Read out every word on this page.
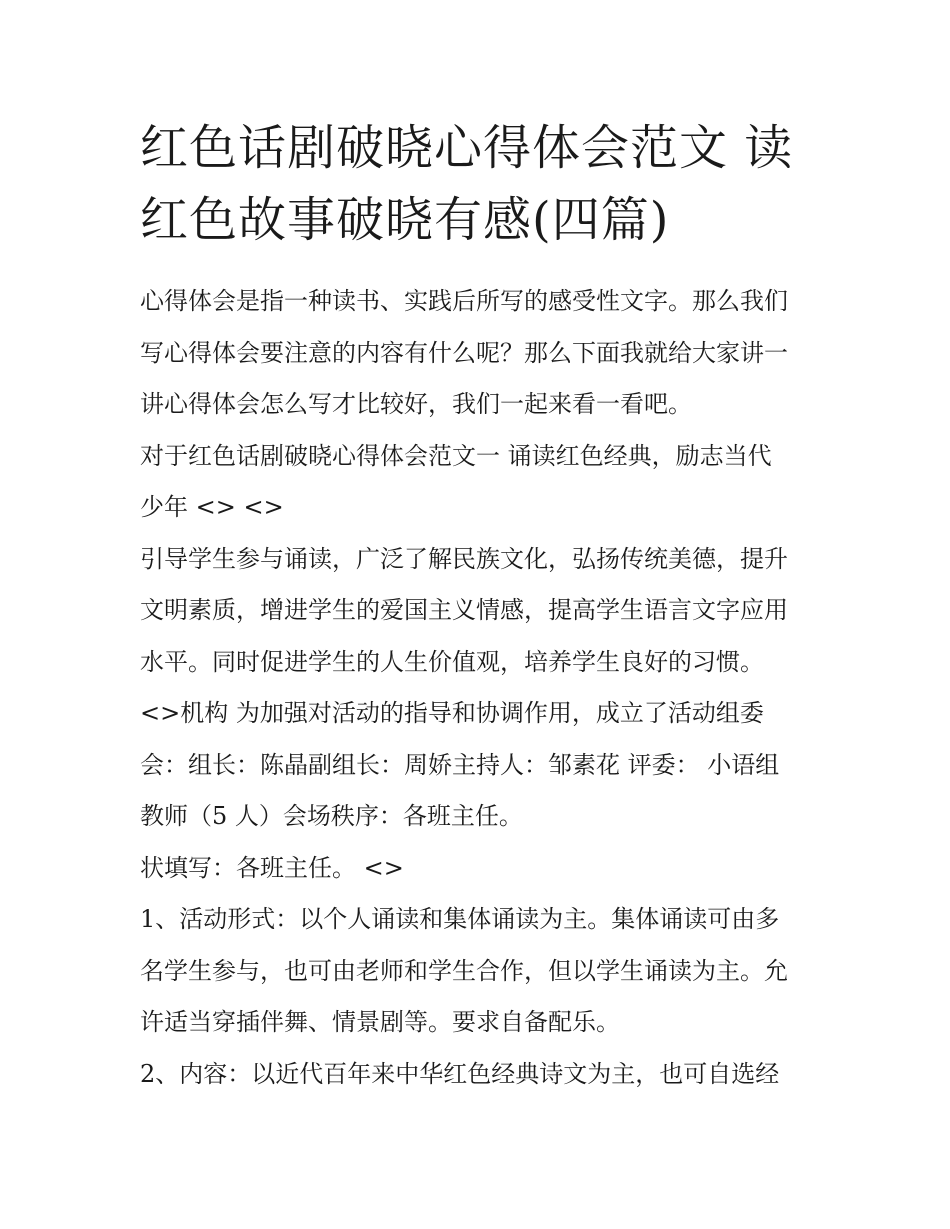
红色话剧破晓心得体会范文 读
红色故事破晓有感(四篇)
心得体会是指一种读书、实践后所写的感受性文字。那么我们
写心得体会要注意的内容有什么呢？那么下面我就给大家讲一
讲心得体会怎么写才比较好，我们一起来看一看吧。
对于红色话剧破晓心得体会范文一 诵读红色经典，励志当代
少年 <> <>
引导学生参与诵读，广泛了解民族文化，弘扬传统美德，提升
文明素质，增进学生的爱国主义情感，提高学生语言文字应用
水平。同时促进学生的人生价值观，培养学生良好的习惯。
<>机构 为加强对活动的指导和协调作用，成立了活动组委
会：组长：陈晶副组长：周娇主持人：邹素花 评委： 小语组
教师（5 人）会场秩序：各班主任。
状填写：各班主任。 <>
1、活动形式：以个人诵读和集体诵读为主。集体诵读可由多
名学生参与，也可由老师和学生合作，但以学生诵读为主。允
许适当穿插伴舞、情景剧等。要求自备配乐。
2、内容：以近代百年来中华红色经典诗文为主，也可自选经
